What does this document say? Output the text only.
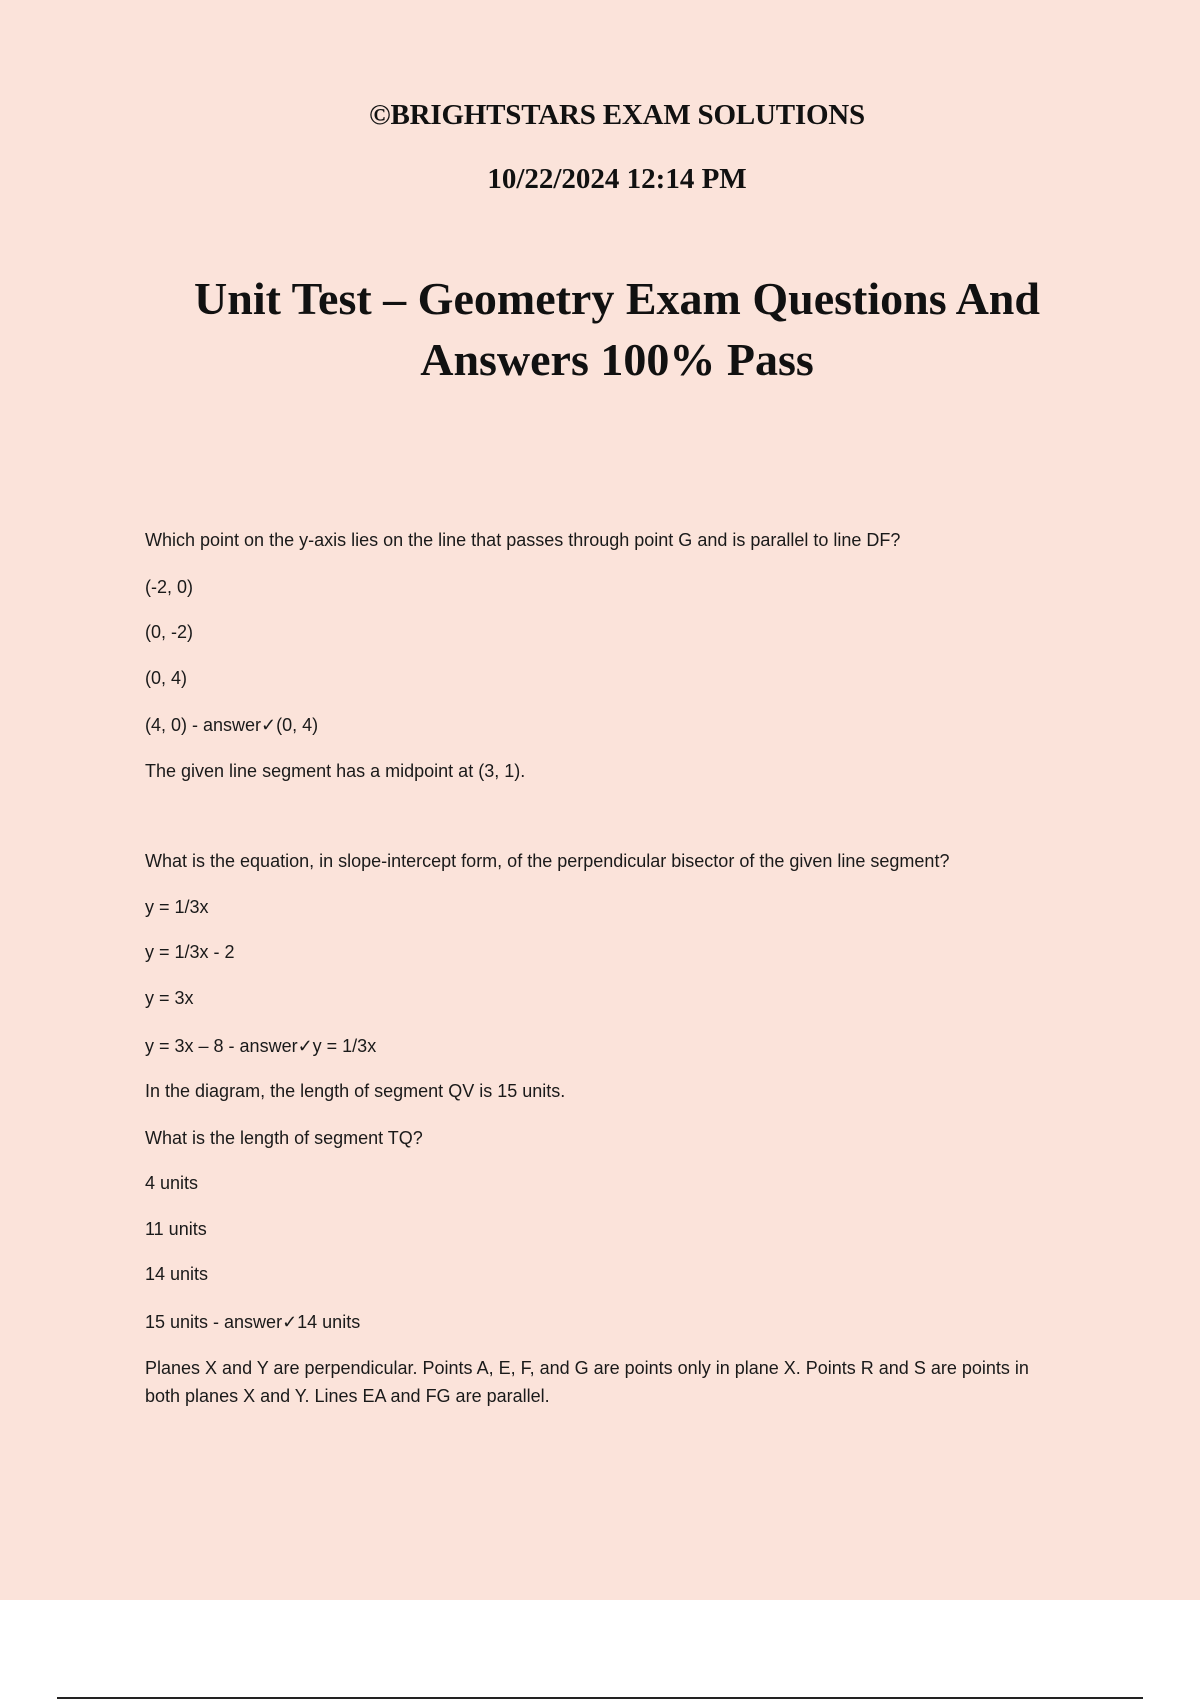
©BRIGHTSTARS EXAM SOLUTIONS
10/22/2024 12:14 PM
Unit Test – Geometry Exam Questions And
Answers 100% Pass

Which point on the y-axis lies on the line that passes through point G and is parallel to line DF?

(-2, 0)

(0, -2)

(0, 4)

(4, 0) - answer✓(0, 4)

The given line segment has a midpoint at (3, 1).

What is the equation, in slope-intercept form, of the perpendicular bisector of the given line segment?

y = 1/3x

y = 1/3x - 2

y = 3x

y = 3x – 8 - answer✓y = 1/3x

In the diagram, the length of segment QV is 15 units.

What is the length of segment TQ?

4 units

11 units

14 units

15 units - answer✓14 units

Planes X and Y are perpendicular. Points A, E, F, and G are points only in plane X. Points R and S are points in both planes X and Y. Lines EA and FG are parallel.
